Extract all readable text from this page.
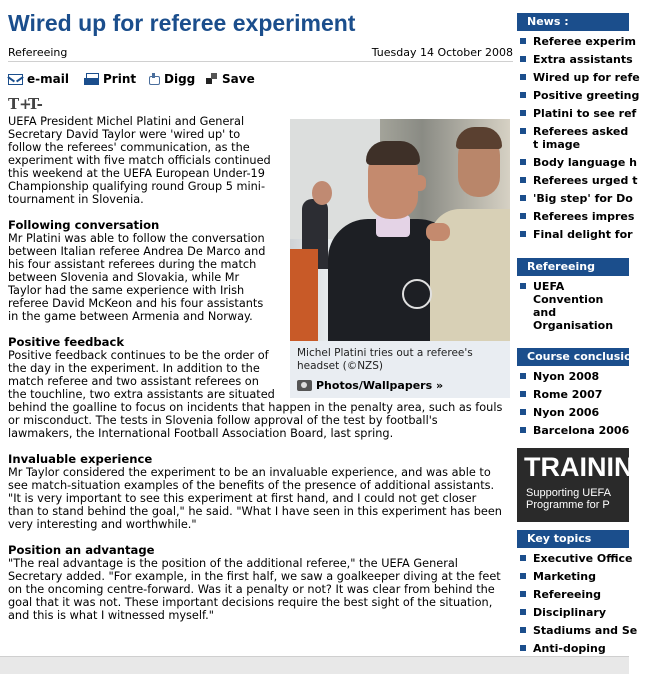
Wired up for referee experiment
Refereeing	Tuesday 14 October 2008
e-mail	Print Digg Save
T+
T-
UEFA President Michel Platini and General
Secretary David Taylor were 'wired up' to
follow the referees' communication, as the
experiment with five match officials continued
this weekend at the UEFA European Under-19
Championship qualifying round Group 5 mini-
tournament in Slovenia.
Following conversation
Mr Platini was able to follow the conversation
between Italian referee Andrea De Marco and
his four assistant referees during the match
between Slovenia and Slovakia, while Mr
Taylor had the same experience with Irish
referee David McKeon and his four assistants
in the game between Armenia and Norway.
Positive feedback
Positive feedback continues to be the order of
the day in the experiment. In addition to the
match referee and two assistant referees on
the touchline, two extra assistants are situated
behind the goalline to focus on incidents that happen in the penalty area, such as fouls
or misconduct. The tests in Slovenia follow approval of the test by football's
lawmakers, the International Football Association Board, last spring.
Invaluable experience
Mr Taylor considered the experiment to be an invaluable experience, and was able to
see match-situation examples of the benefits of the presence of additional assistants.
"It is very important to see this experiment at first hand, and I could not get closer
than to stand behind the goal," he said. "What I have seen in this experiment has been
very interesting and worthwhile."
Position an advantage
"The real advantage is the position of the additional referee," the UEFA General
Secretary added. "For example, in the first half, we saw a goalkeeper diving at the feet
on the oncoming centre-forward. Was it a penalty or not? It was clear from behind the
goal that it was not. These important decisions require the best sight of the situation,
and this is what I witnessed myself."
Michel Platini tries out a referee's headset (©NZS)
Photos/Wallpapers »
News :
Referee experim
Extra assistants
Wired up for refe
Positive greeting
Platini to see ref
Referees asked t image
Body language h
Referees urged t
'Big step' for Do
Referees impres
Final delight for
Refereeing
UEFA Convention and Organisation
Course conclusion
Nyon 2008
Rome 2007
Nyon 2006
Barcelona 2006
TRAINING
Supporting UEFA
Programme for P
Key topics
Executive Office
Marketing
Refereeing
Disciplinary
Stadiums and Se
Anti-doping
